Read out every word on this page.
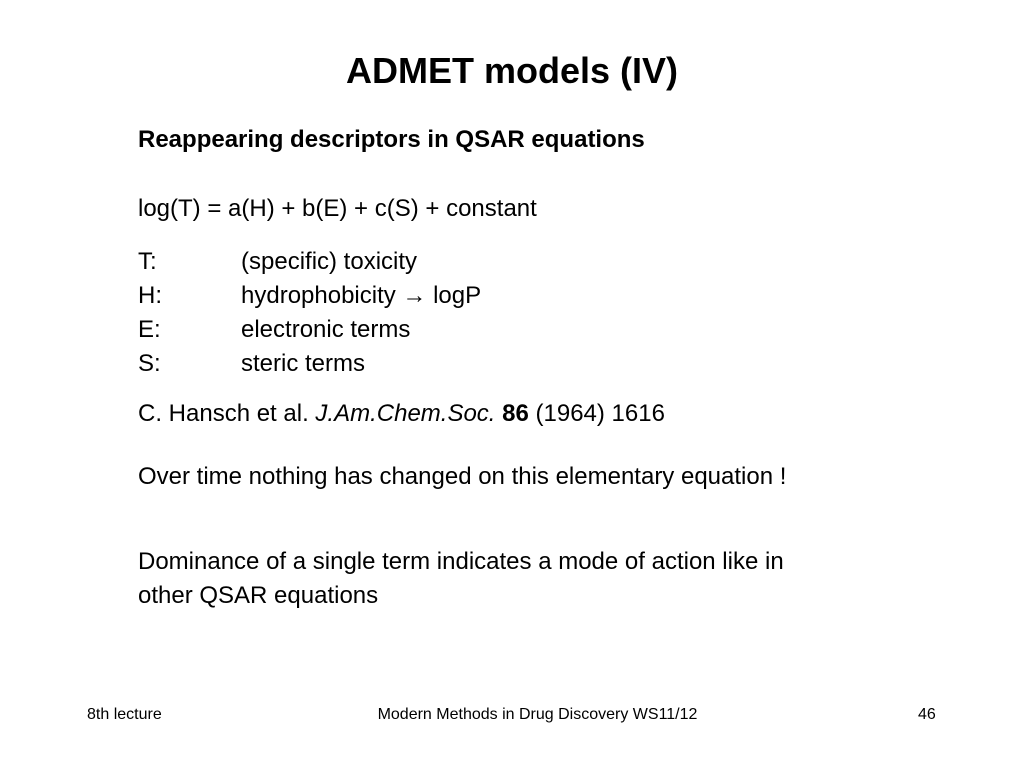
ADMET models (IV)
Reappearing descriptors in QSAR equations
log(T) = a(H) + b(E) + c(S) + constant
T:	(specific) toxicity
H:	hydrophobicity → logP
E:	electronic terms
S:	steric terms
C. Hansch et al. J.Am.Chem.Soc. 86 (1964) 1616
Over time nothing has changed on this elementary equation !
Dominance of a single term indicates a mode of action like in other QSAR equations
8th lecture	Modern Methods in Drug Discovery WS11/12	46
